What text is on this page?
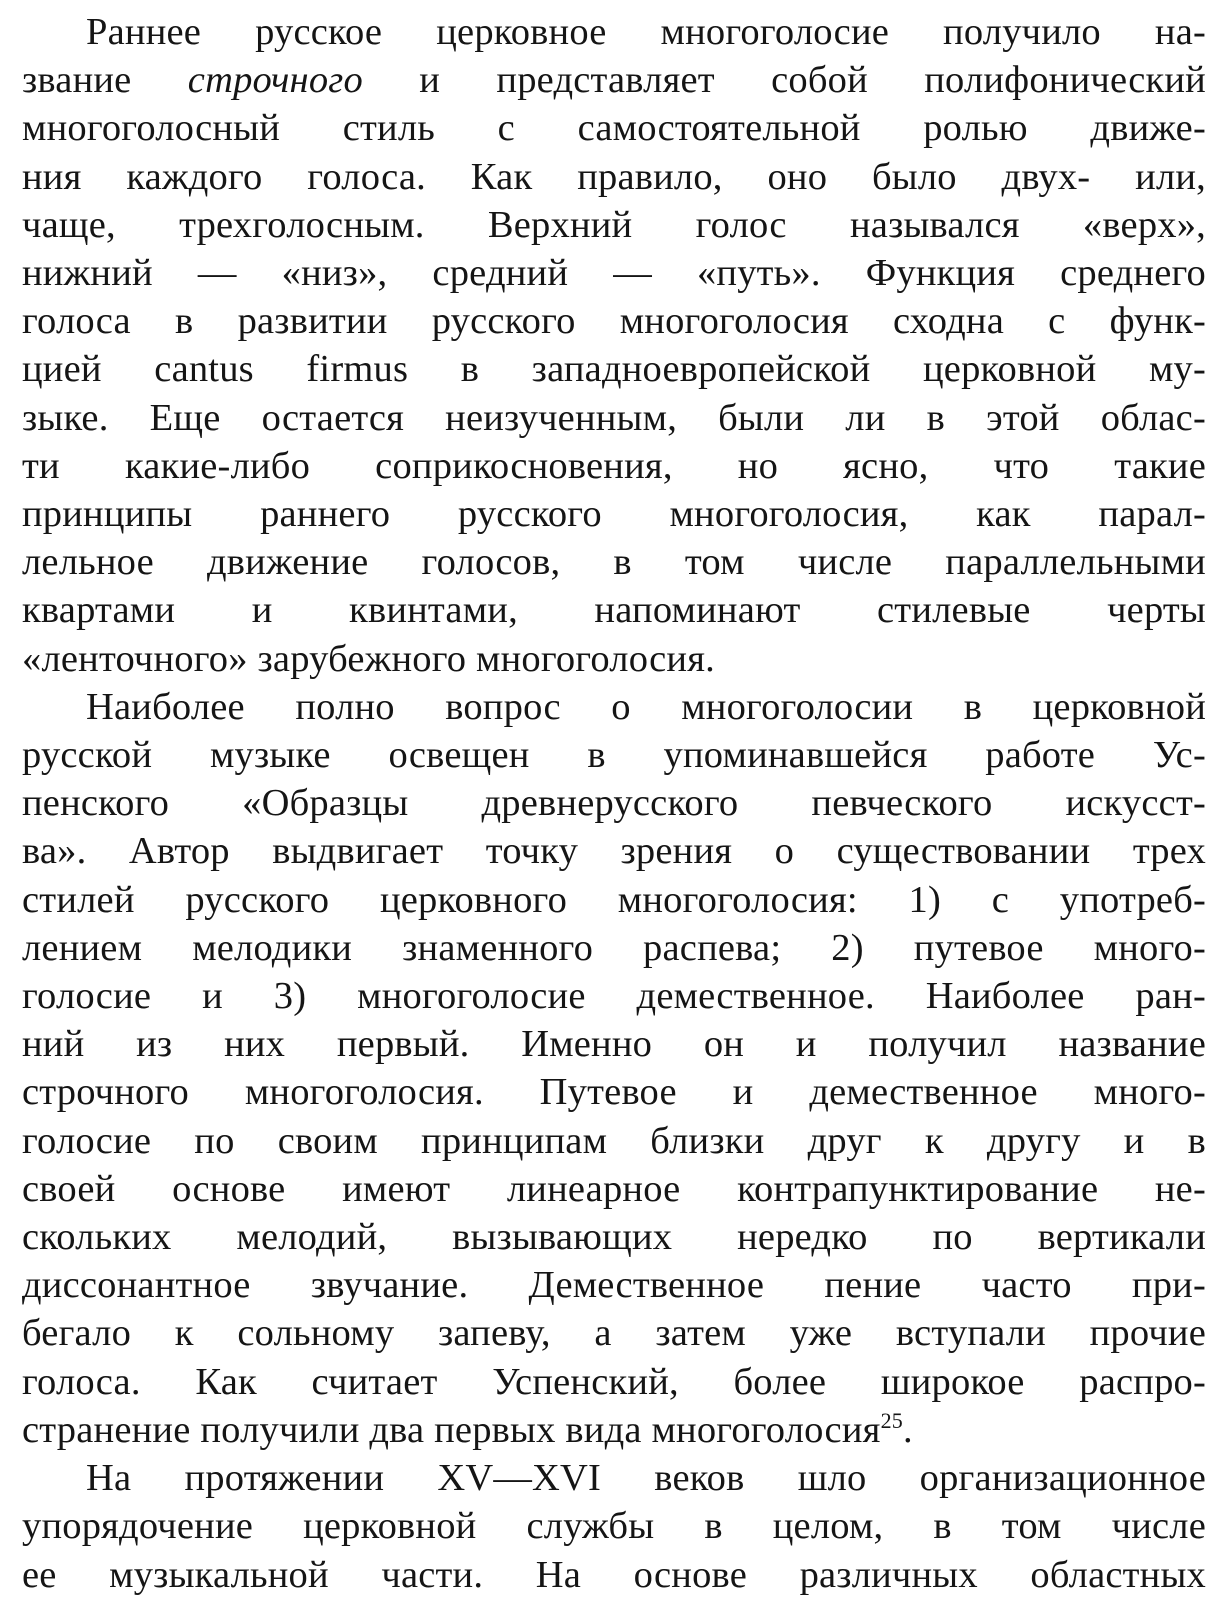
Раннее русское церковное многоголосие получило на-
звание строчного и представляет собой полифонический
многоголосный стиль с самостоятельной ролью движе-
ния каждого голоса. Как правило, оно было двух- или,
чаще, трехголосным. Верхний голос назывался «верх»,
нижний — «низ», средний — «путь». Функция среднего
голоса в развитии русского многоголосия сходна с функ-
цией cantus firmus в западноевропейской церковной му-
зыке. Еще остается неизученным, были ли в этой облас-
ти какие-либо соприкосновения, но ясно, что такие
принципы раннего русского многоголосия, как парал-
лельное движение голосов, в том числе параллельными
квартами и квинтами, напоминают стилевые черты
«ленточного» зарубежного многоголосия.
Наиболее полно вопрос о многоголосии в церковной
русской музыке освещен в упоминавшейся работе Ус-
пенского «Образцы древнерусского певческого искусст-
ва». Автор выдвигает точку зрения о существовании трех
стилей русского церковного многоголосия: 1) с употреб-
лением мелодики знаменного распева; 2) путевое много-
голосие и 3) многоголосие демественное. Наиболее ран-
ний из них первый. Именно он и получил название
строчного многоголосия. Путевое и демественное много-
голосие по своим принципам близки друг к другу и в
своей основе имеют линеарное контрапунктирование не-
скольких мелодий, вызывающих нередко по вертикали
диссонантное звучание. Демественное пение часто при-
бегало к сольному запеву, а затем уже вступали прочие
голоса. Как считает Успенский, более широкое распро-
странение получили два первых вида многоголосия$^{25}$.
На протяжении XV—XVI веков шло организационное
упорядочение церковной службы в целом, в том числе
ее музыкальной части. На основе различных областных
